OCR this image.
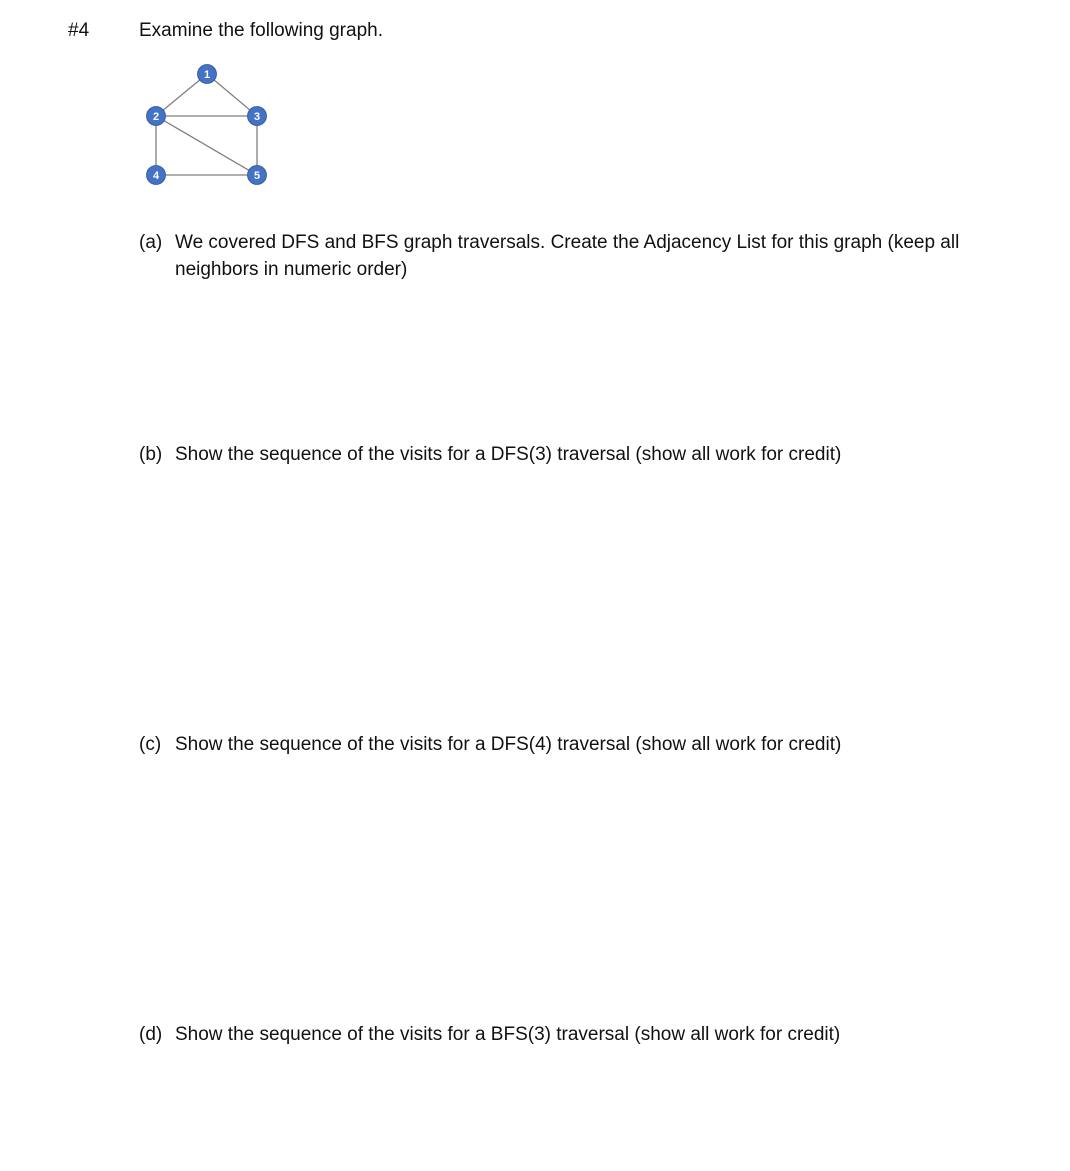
#4	Examine the following graph.
1
2	3
4	5
(a) We covered DFS and BFS graph traversals. Create the Adjacency List for this graph (keep all neighbors in numeric order)
(b) Show the sequence of the visits for a DFS(3) traversal (show all work for credit)
(c) Show the sequence of the visits for a DFS(4) traversal (show all work for credit)
(d) Show the sequence of the visits for a BFS(3) traversal (show all work for credit)
